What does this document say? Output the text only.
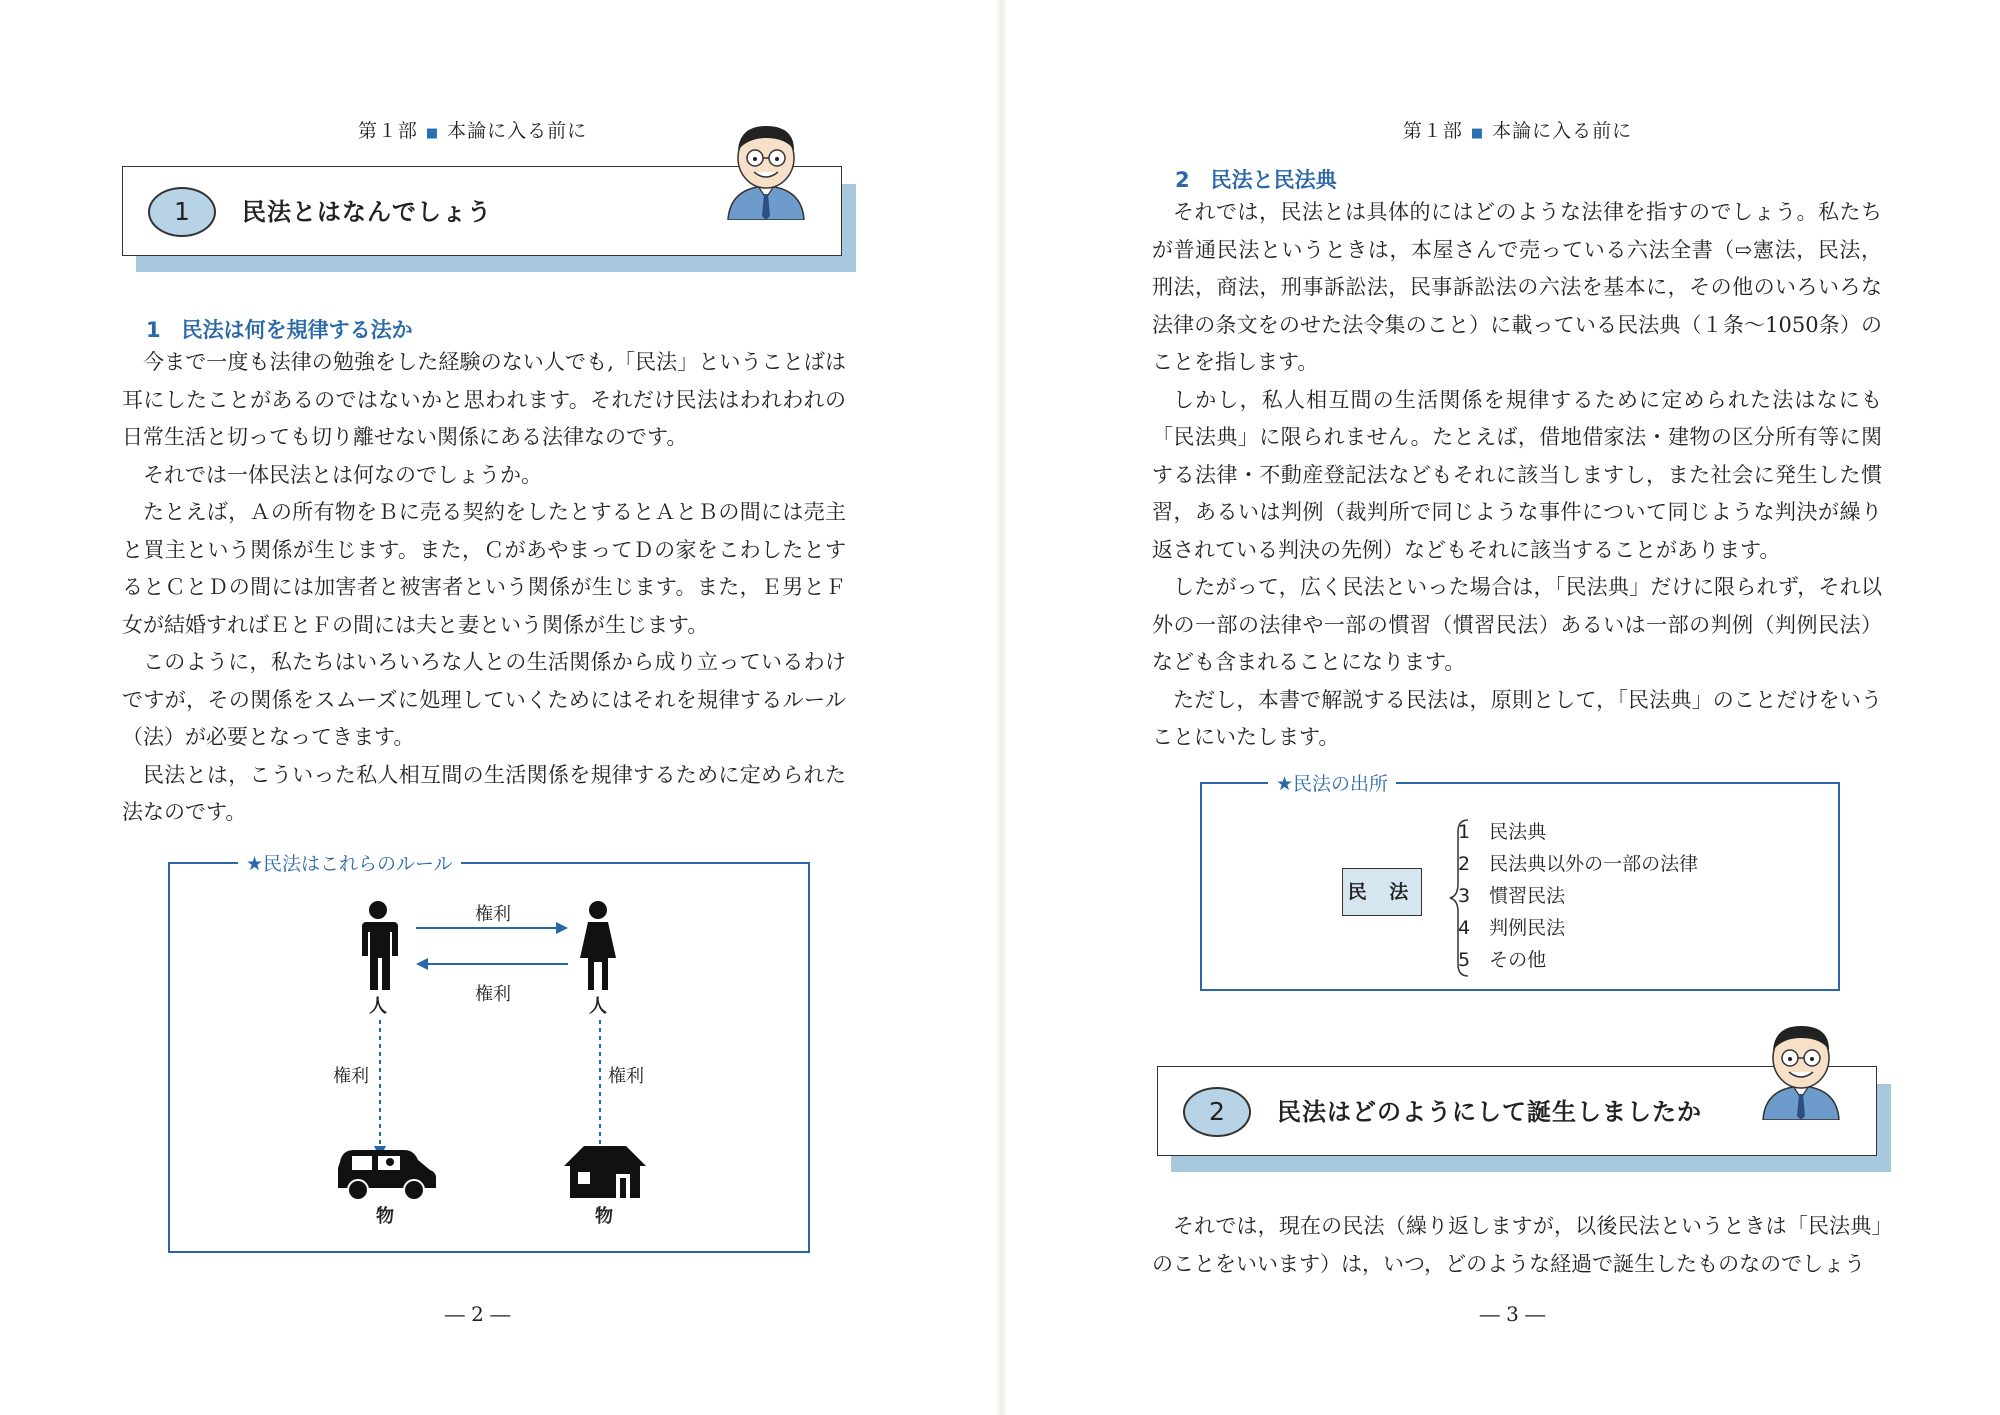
第１部 ■ 本論に入る前に
1	民法とはなんでしょう
1　 民法は何を規律する法か

今まで一度も法律の勉強をした経験のない人でも,「民法」ということばは耳にしたことがあるのではないかと思われます。それだけ民法はわれわれの日常生活と切っても切り離せない関係にある法律なのです。

それでは一体民法とは何なのでしょうか。

たとえば，Ａの所有物をＢに売る契約をしたとするとＡとＢの間には売主と買主という関係が生じます。また，ＣがあやまってＤの家をこわしたとするとＣとＤの間には加害者と被害者という関係が生じます。また，Ｅ男とＦ女が結婚すればＥとＦの間には夫と妻という関係が生じます。

このように，私たちはいろいろな人との生活関係から成り立っているわけですが，その関係をスムーズに処理していくためにはそれを規律するルール（法）が必要となってきます。

民法とは，こういった私人相互間の生活関係を規律するために定められた法なのです。

★民法はこれらのルール
権利
権利
人	人
権利	権利
物	物
― 2 ―
第１部 ■ 本論に入る前に
2　 民法と民法典

それでは，民法とは具体的にはどのような法律を指すのでしょう。私たちが普通民法というときは，本屋さんで売っている六法全書（⇨憲法，民法，刑法，商法，刑事訴訟法，民事訴訟法の六法を基本に，その他のいろいろな法律の条文をのせた法令集のこと）に載っている民法典（１条〜1050条）のことを指します。

しかし，私人相互間の生活関係を規律するために定められた法はなにも「民法典」に限られません。たとえば，借地借家法・建物の区分所有等に関する法律・不動産登記法などもそれに該当しますし，また社会に発生した慣習，あるいは判例（裁判所で同じような事件について同じような判決が繰り返されている判決の先例）などもそれに該当することがあります。

したがって，広く民法といった場合は，「民法典」だけに限られず，それ以外の一部の法律や一部の慣習（慣習民法）あるいは一部の判例（判例民法）なども含まれることになります。

ただし，本書で解説する民法は，原則として，「民法典」のことだけをいうことにいたします。

★民法の出所
民 法
1　民法典
2　民法典以外の一部の法律
3　慣習民法
4　判例民法
5　その他
2	民法はどのようにして誕生しましたか

それでは，現在の民法（繰り返しますが，以後民法というときは「民法典」のことをいいます）は，いつ，どのような経過で誕生したものなのでしょう

― 3 ―
